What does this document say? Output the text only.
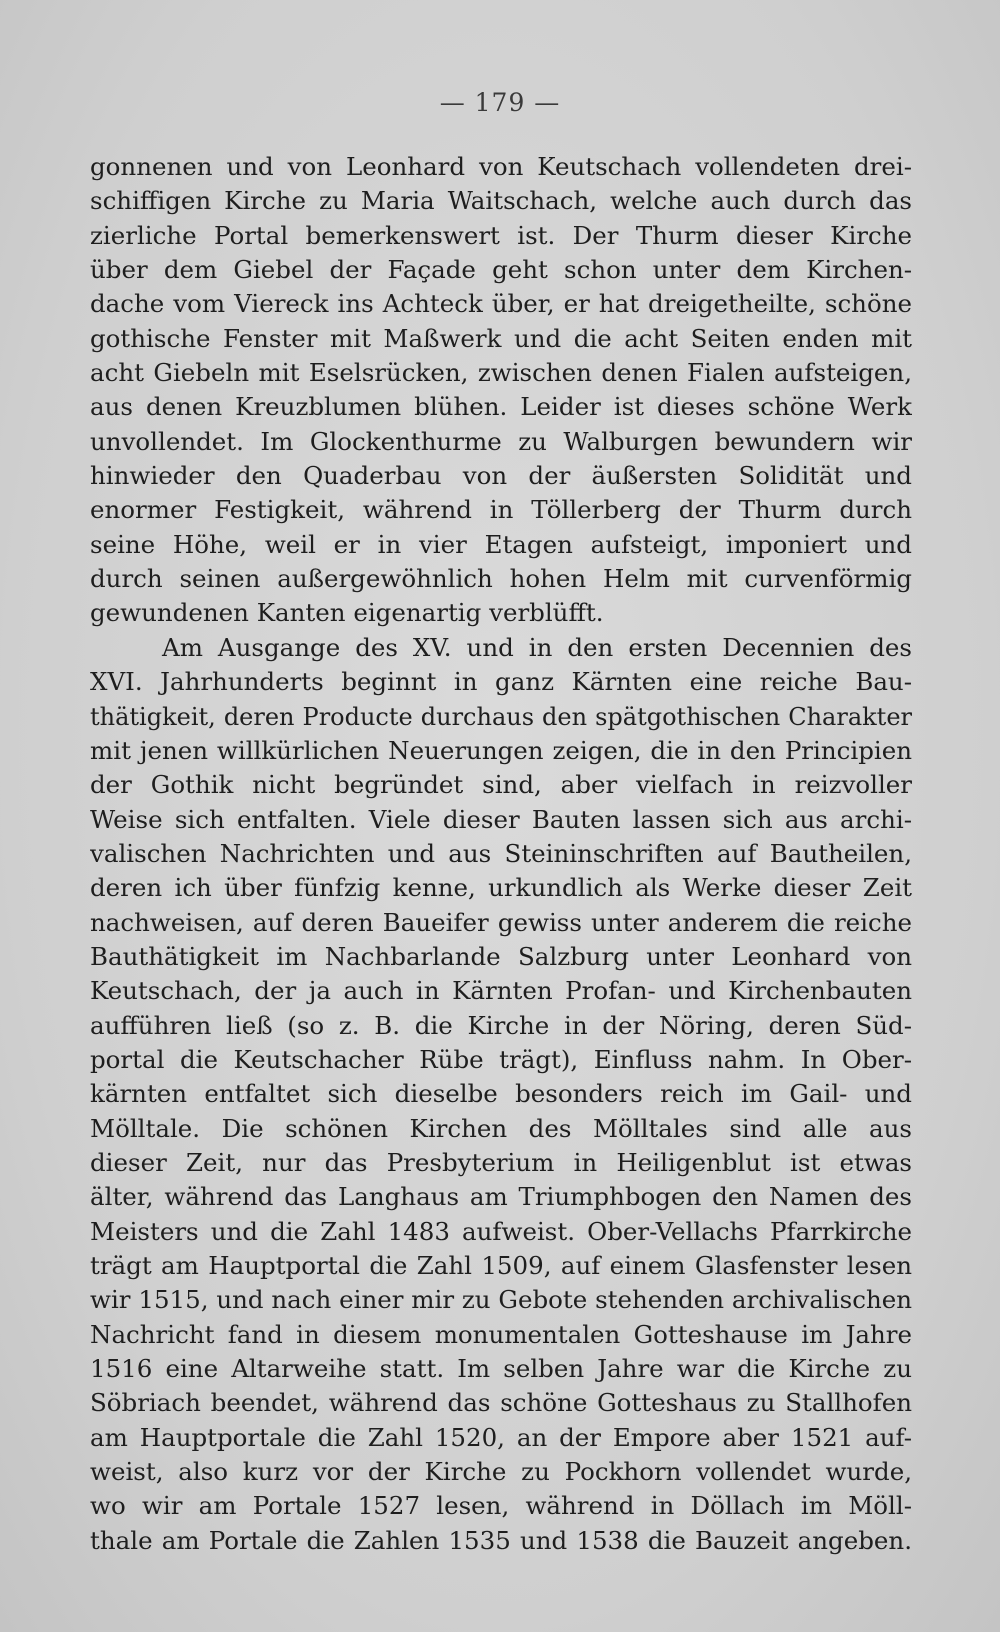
— 179 —
gonnenen und von Leonhard von Keutschach vollendeten drei-
schiffigen Kirche zu Maria Waitschach, welche auch durch das
zierliche Portal bemerkenswert ist. Der Thurm dieser Kirche
über dem Giebel der Façade geht schon unter dem Kirchen-
dache vom Viereck ins Achteck über, er hat dreigetheilte, schöne
gothische Fenster mit Maßwerk und die acht Seiten enden mit
acht Giebeln mit Eselsrücken, zwischen denen Fialen aufsteigen,
aus denen Kreuzblumen blühen. Leider ist dieses schöne Werk
unvollendet. Im Glockenthurme zu Walburgen bewundern wir
hinwieder den Quaderbau von der äußersten Solidität und
enormer Festigkeit, während in Töllerberg der Thurm durch
seine Höhe, weil er in vier Etagen aufsteigt, imponiert und
durch seinen außergewöhnlich hohen Helm mit curvenförmig
gewundenen Kanten eigenartig verblüfft.
Am Ausgange des XV. und in den ersten Decennien des
XVI. Jahrhunderts beginnt in ganz Kärnten eine reiche Bau-
thätigkeit, deren Producte durchaus den spätgothischen Charakter
mit jenen willkürlichen Neuerungen zeigen, die in den Principien
der Gothik nicht begründet sind, aber vielfach in reizvoller
Weise sich entfalten. Viele dieser Bauten lassen sich aus archi-
valischen Nachrichten und aus Steininschriften auf Bautheilen,
deren ich über fünfzig kenne, urkundlich als Werke dieser Zeit
nachweisen, auf deren Baueifer gewiss unter anderem die reiche
Bauthätigkeit im Nachbarlande Salzburg unter Leonhard von
Keutschach, der ja auch in Kärnten Profan- und Kirchenbauten
aufführen ließ (so z. B. die Kirche in der Nöring, deren Süd-
portal die Keutschacher Rübe trägt), Einfluss nahm. In Ober-
kärnten entfaltet sich dieselbe besonders reich im Gail- und
Mölltale. Die schönen Kirchen des Mölltales sind alle aus
dieser Zeit, nur das Presbyterium in Heiligenblut ist etwas
älter, während das Langhaus am Triumphbogen den Namen des
Meisters und die Zahl 1483 aufweist. Ober-Vellachs Pfarrkirche
trägt am Hauptportal die Zahl 1509, auf einem Glasfenster lesen
wir 1515, und nach einer mir zu Gebote stehenden archivalischen
Nachricht fand in diesem monumentalen Gotteshause im Jahre
1516 eine Altarweihe statt. Im selben Jahre war die Kirche zu
Söbriach beendet, während das schöne Gotteshaus zu Stallhofen
am Hauptportale die Zahl 1520, an der Empore aber 1521 auf-
weist, also kurz vor der Kirche zu Pockhorn vollendet wurde,
wo wir am Portale 1527 lesen, während in Döllach im Möll-
thale am Portale die Zahlen 1535 und 1538 die Bauzeit angeben.
